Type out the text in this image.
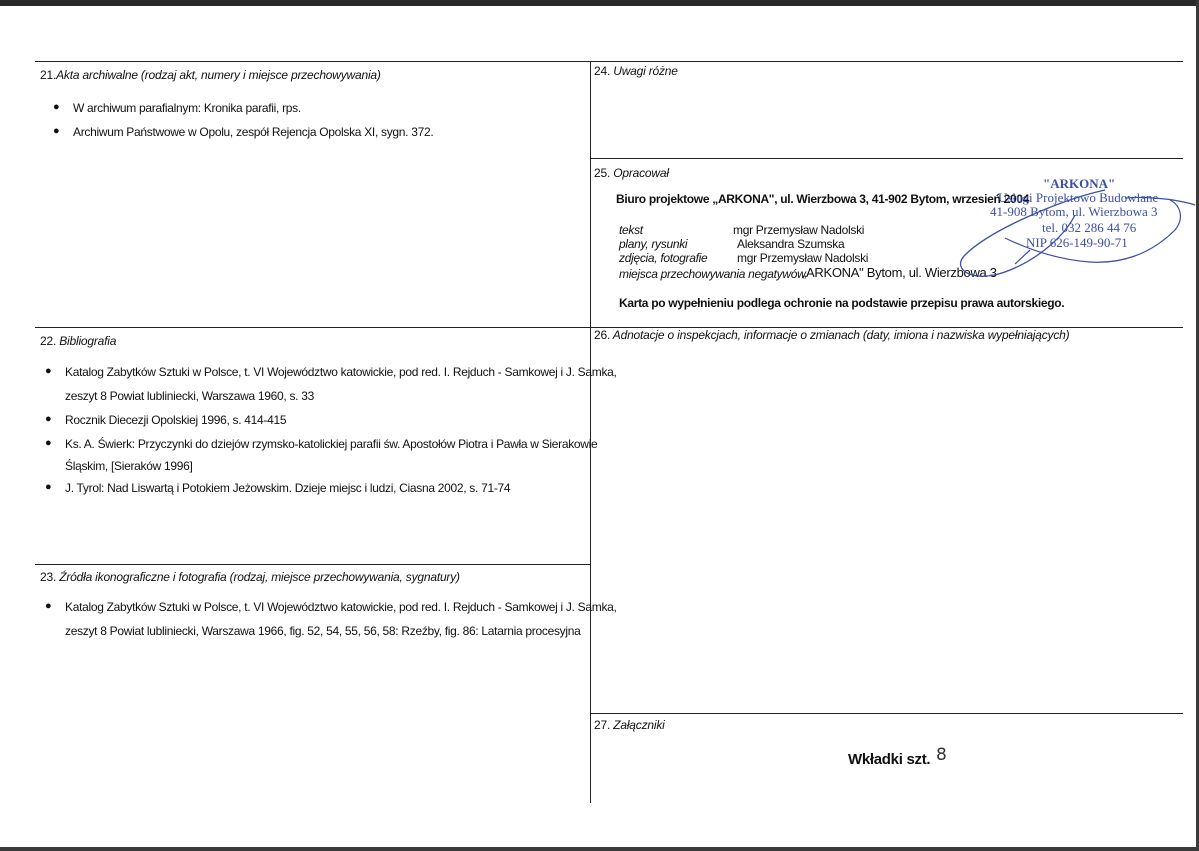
21.Akta archiwalne (rodzaj akt, numery i miejsce przechowywania)
● W archiwum parafialnym: Kronika parafii, rps.
● Archiwum Państwowe w Opolu, zespół Rejencja Opolska XI, sygn. 372.
24. Uwagi różne
25. Opracował
Biuro projektowe „ARKONA", ul. Wierzbowa 3, 41-902 Bytom, wrzesień 2004
tekst	mgr Przemysław Nadolski
plany, rysunki	Aleksandra Szumska
zdjęcia, fotografie mgr Przemysław Nadolski
miejsca przechowywania negatywów
„ARKONA" Bytom, ul. Wierzbowa 3
Karta po wypełnieniu podlega ochronie na podstawie przepisu prawa autorskiego.
"ARKONA"
Usługi Projektowo Budowlane
41-908 Bytom, ul. Wierzbowa 3
tel. 032 286 44 76
NIP 626-149-90-71
22. Bibliografia
● Katalog Zabytków Sztuki w Polsce, t. VI Województwo katowickie, pod red. I. Rejduch - Samkowej i J. Samka,
zeszyt 8 Powiat lubliniecki, Warszawa 1960, s. 33
● Rocznik Diecezji Opolskiej 1996, s. 414-415
● Ks. A. Świerk: Przyczynki do dziejów rzymsko-katolickiej parafii św. Apostołów Piotra i Pawła w Sierakowie
Śląskim, [Sieraków 1996]
● J. Tyrol: Nad Liswartą i Potokiem Jeżowskim. Dzieje miejsc i ludzi, Ciasna 2002, s. 71-74
23. Źródła ikonograficzne i fotografia (rodzaj, miejsce przechowywania, sygnatury)
● Katalog Zabytków Sztuki w Polsce, t. VI Województwo katowickie, pod red. I. Rejduch - Samkowej i J. Samka,
zeszyt 8 Powiat lubliniecki, Warszawa 1966, fig. 52, 54, 55, 56, 58: Rzeźby, fig. 86: Latarnia procesyjna
26. Adnotacje o inspekcjach, informacje o zmianach (daty, imiona i nazwiska wypełniających)
27. Załączniki
Wkładki szt. 8
